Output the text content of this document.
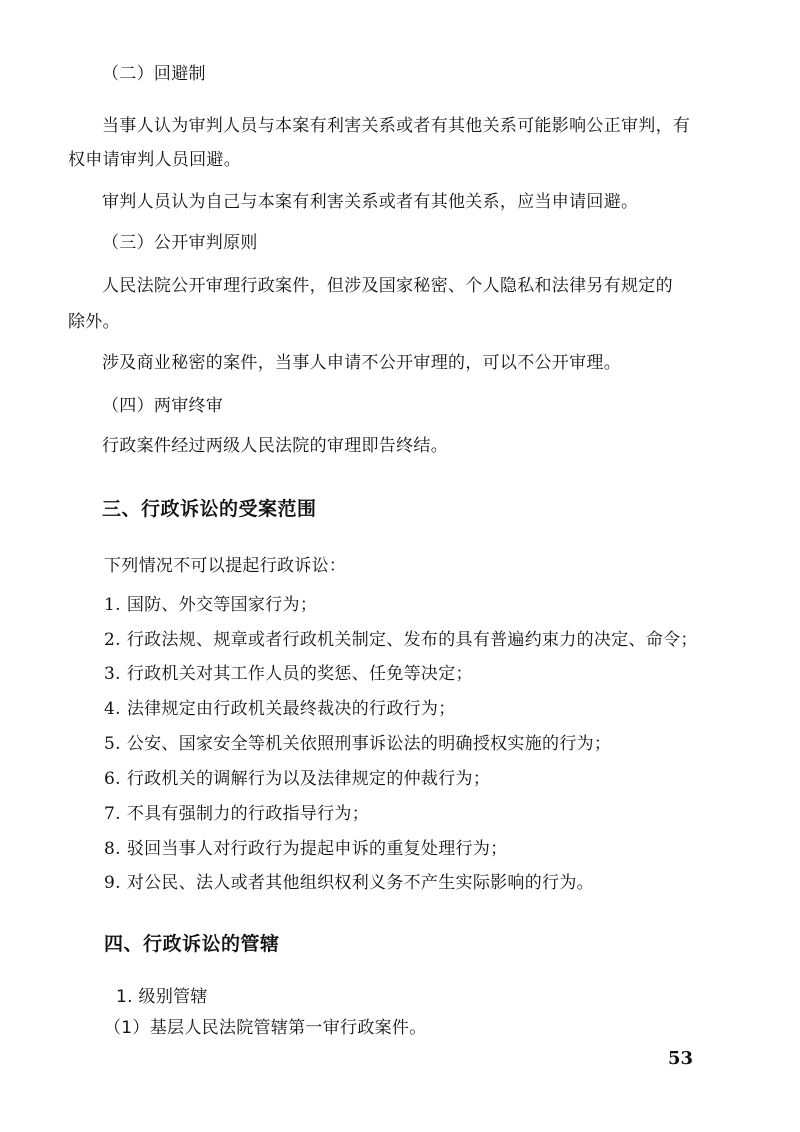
（二）回避制
当事人认为审判人员与本案有利害关系或者有其他关系可能影响公正审判，有
权申请审判人员回避。
审判人员认为自己与本案有利害关系或者有其他关系，应当申请回避。
（三）公开审判原则
人民法院公开审理行政案件，但涉及国家秘密、个人隐私和法律另有规定的
除外。
涉及商业秘密的案件，当事人申请不公开审理的，可以不公开审理。
（四）两审终审
行政案件经过两级人民法院的审理即告终结。
三、行政诉讼的受案范围
下列情况不可以提起行政诉讼：
1. 国防、外交等国家行为；
2. 行政法规、规章或者行政机关制定、发布的具有普遍约束力的决定、命令；
3. 行政机关对其工作人员的奖惩、任免等决定；
4. 法律规定由行政机关最终裁决的行政行为；
5. 公安、国家安全等机关依照刑事诉讼法的明确授权实施的行为；
6. 行政机关的调解行为以及法律规定的仲裁行为；
7. 不具有强制力的行政指导行为；
8. 驳回当事人对行政行为提起申诉的重复处理行为；
9. 对公民、法人或者其他组织权利义务不产生实际影响的行为。
四、行政诉讼的管辖
1. 级别管辖
（1）基层人民法院管辖第一审行政案件。
53
